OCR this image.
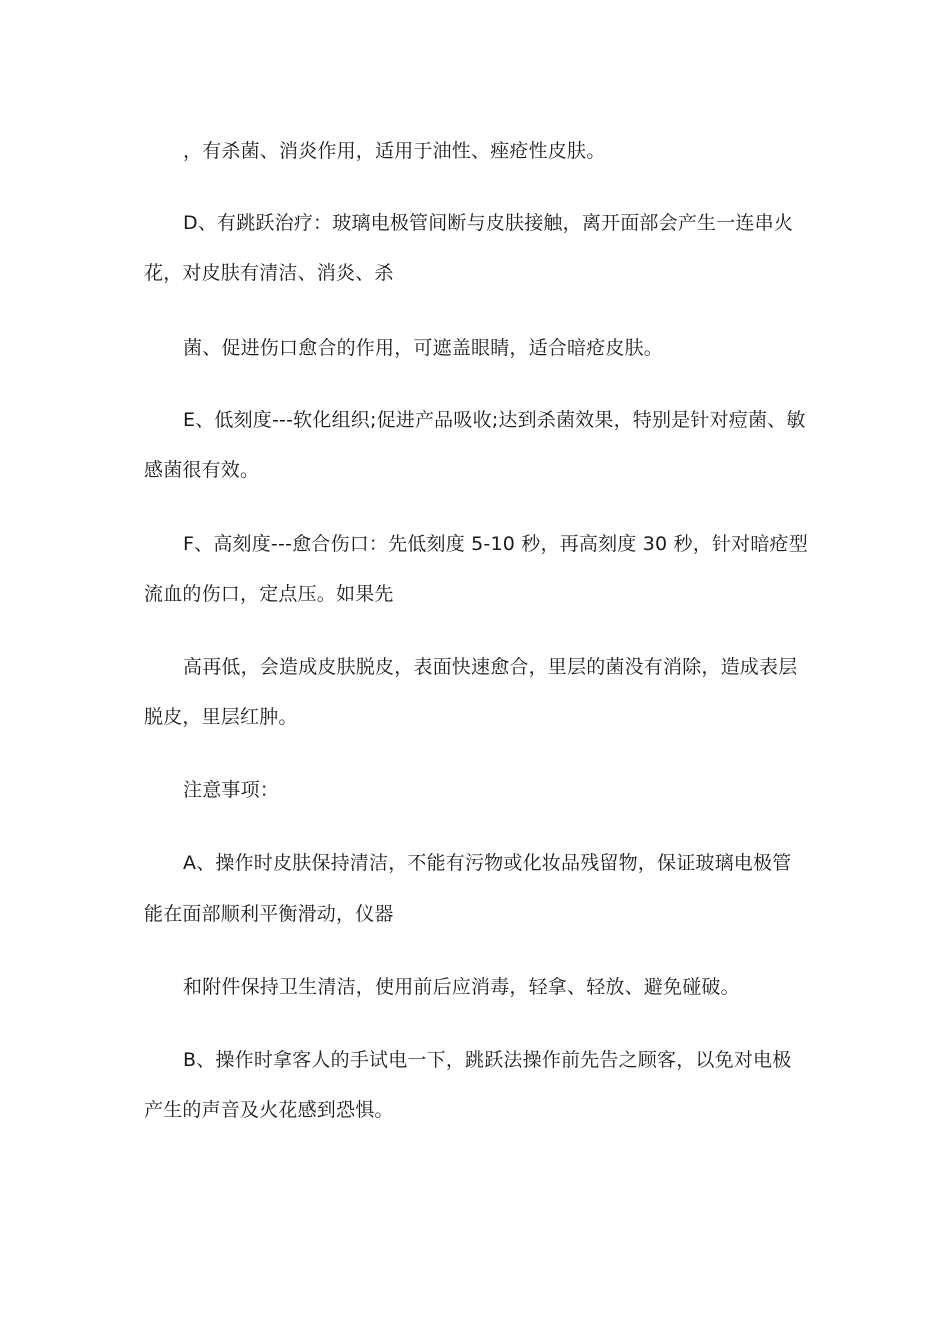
，有杀菌、消炎作用，适用于油性、痤疮性皮肤。
D、有跳跃治疗：玻璃电极管间断与皮肤接触，离开面部会产生一连串火
花，对皮肤有清洁、消炎、杀
菌、促进伤口愈合的作用，可遮盖眼睛，适合暗疮皮肤。
E、低刻度---软化组织;促进产品吸收;达到杀菌效果，特别是针对痘菌、敏
感菌很有效。
F、高刻度---愈合伤口：先低刻度 5-10 秒，再高刻度 30 秒，针对暗疮型
流血的伤口，定点压。如果先
高再低，会造成皮肤脱皮，表面快速愈合，里层的菌没有消除，造成表层
脱皮，里层红肿。
注意事项：
A、操作时皮肤保持清洁，不能有污物或化妆品残留物，保证玻璃电极管
能在面部顺利平衡滑动，仪器
和附件保持卫生清洁，使用前后应消毒，轻拿、轻放、避免碰破。
B、操作时拿客人的手试电一下，跳跃法操作前先告之顾客，以免对电极
产生的声音及火花感到恐惧。
